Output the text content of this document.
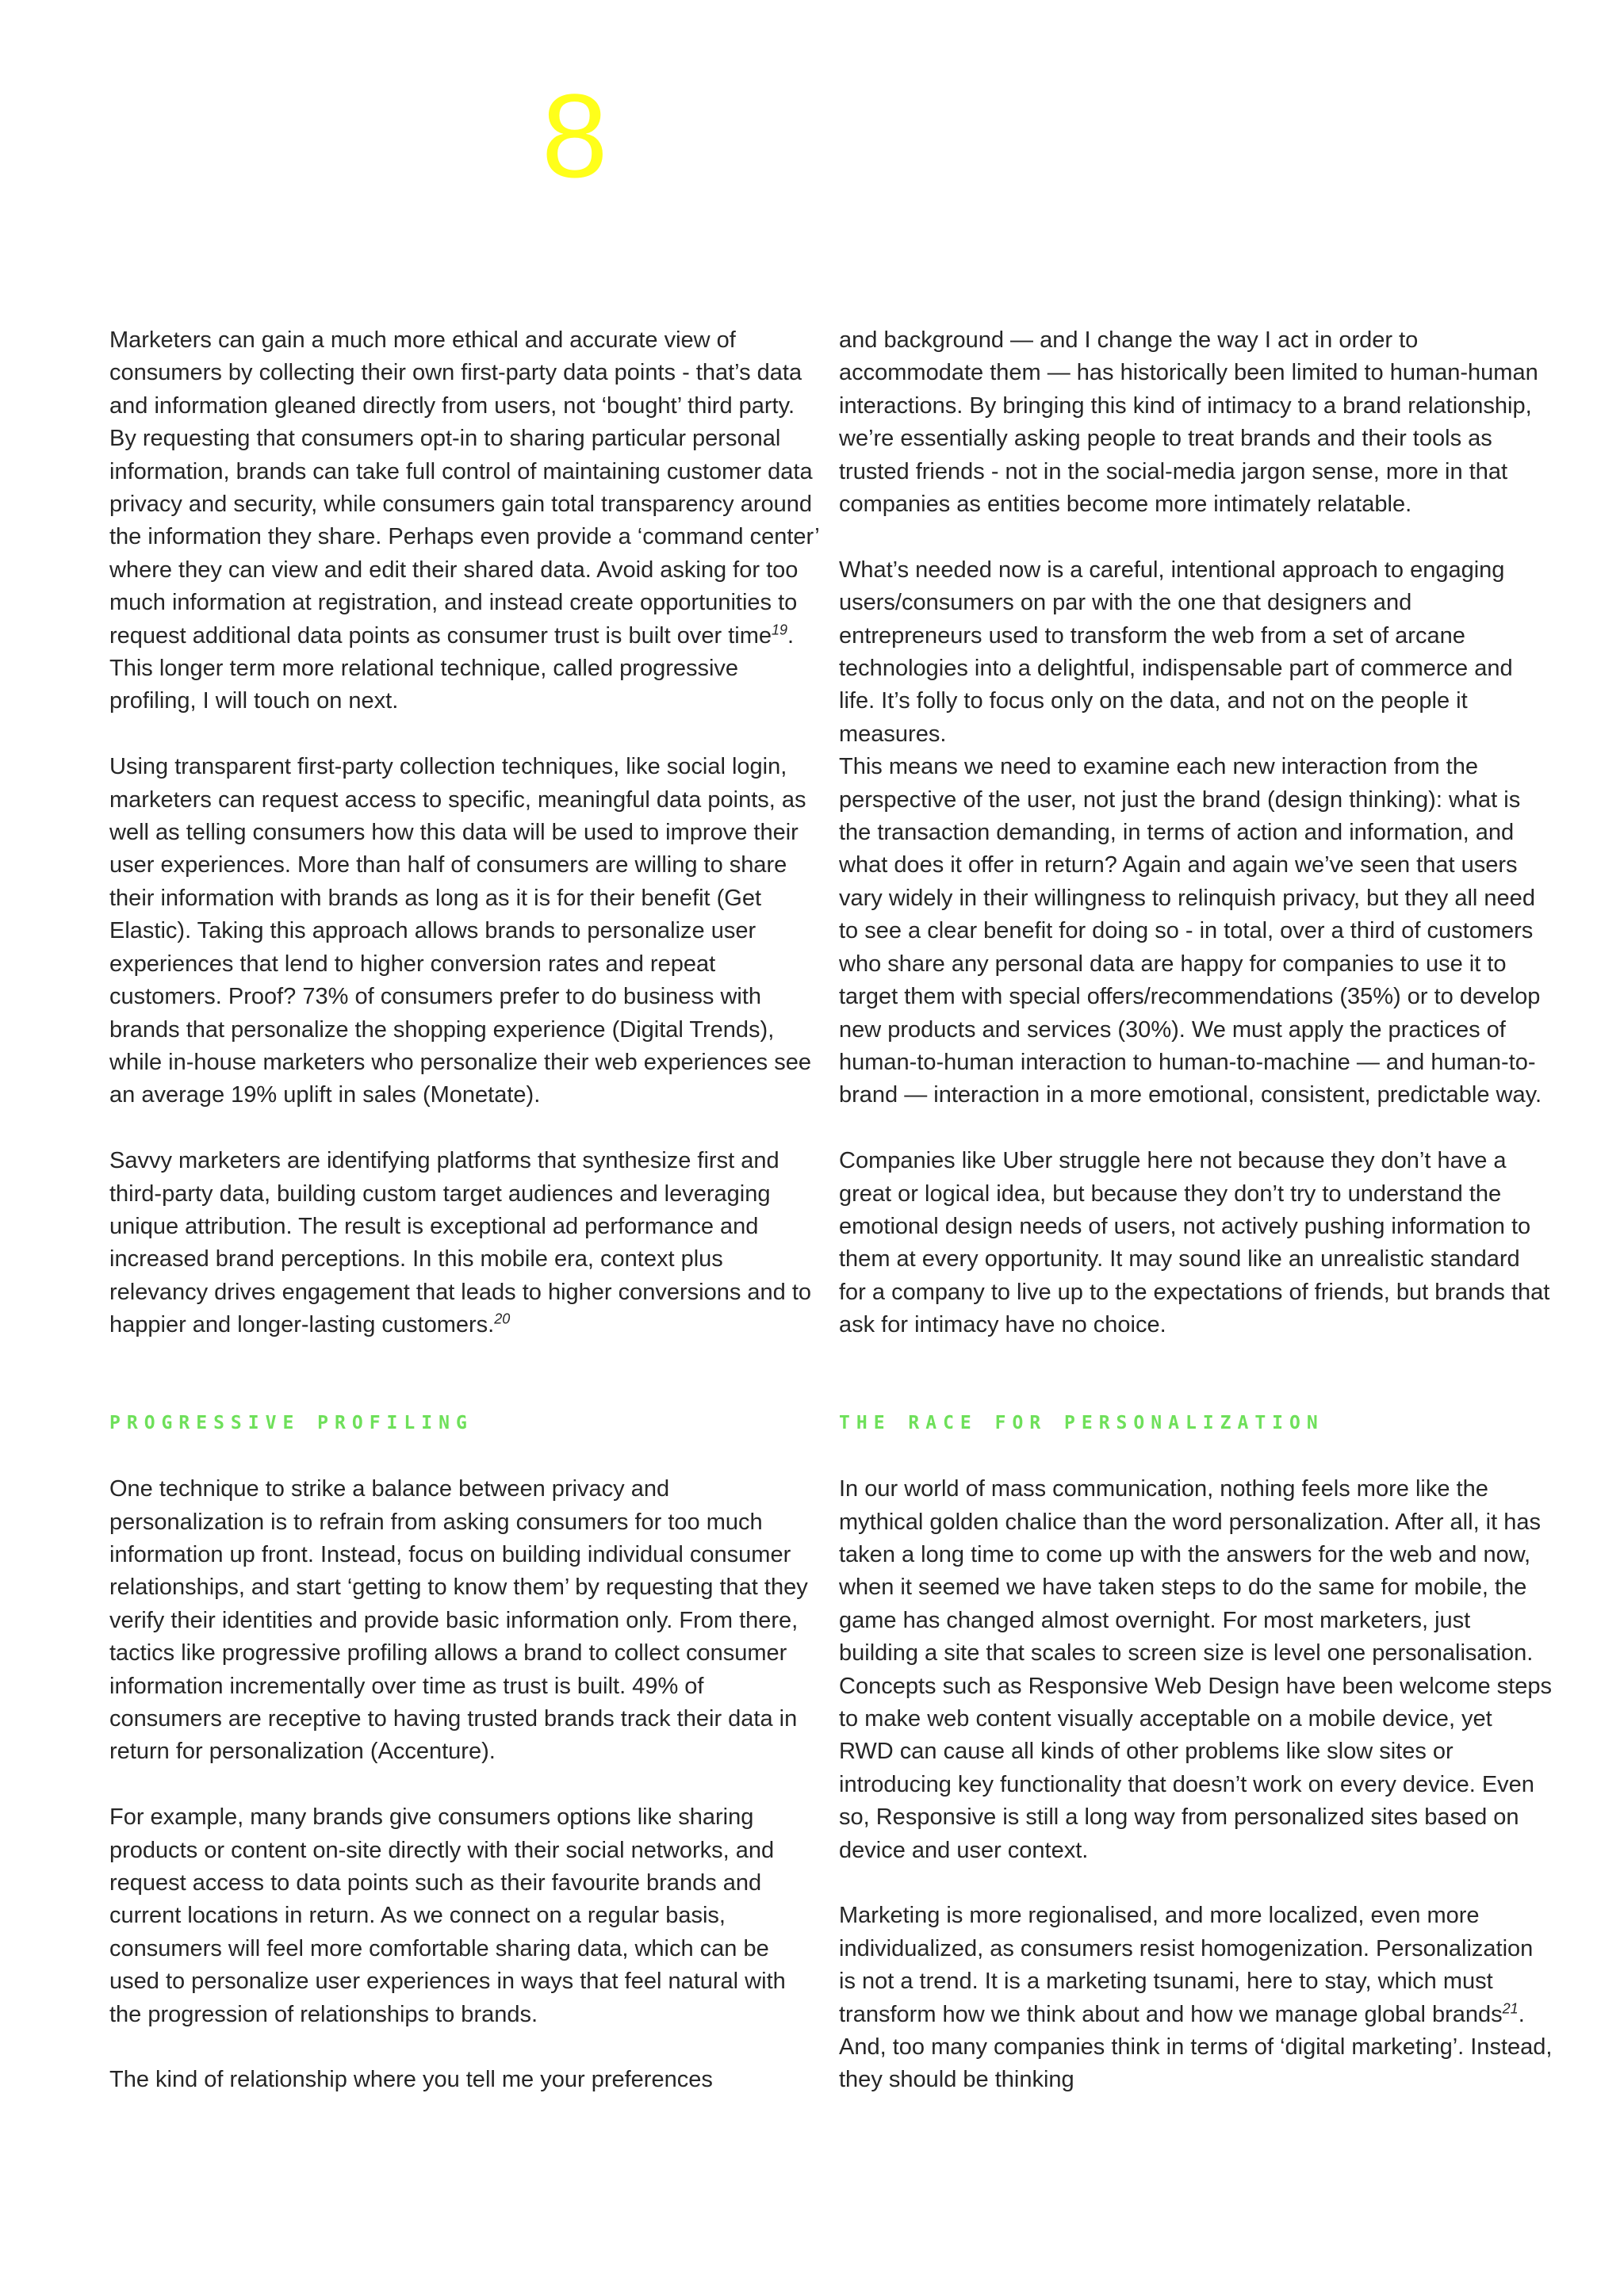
8

Marketers can gain a much more ethical and accurate view of consumers by collecting their own first-party data points - that’s data and information gleaned directly from users, not ‘bought’ third party. By requesting that consumers opt-in to sharing particular personal information, brands can take full control of maintaining customer data privacy and security, while consumers gain total transparency around the information they share. Perhaps even provide a ‘command center’ where they can view and edit their shared data. Avoid asking for too much information at registration, and instead create opportunities to request additional data points as consumer trust is built over time$^{19}$. This longer term more relational technique, called progressive profiling, I will touch on next.

Using transparent first-party collection techniques, like social login, marketers can request access to specific, meaningful data points, as well as telling consumers how this data will be used to improve their user experiences. More than half of consumers are willing to share their information with brands as long as it is for their benefit (Get Elastic). Taking this approach allows brands to personalize user experiences that lend to higher conversion rates and repeat customers. Proof? 73% of consumers prefer to do business with brands that personalize the shopping experience (Digital Trends), while in-house marketers who personalize their web experiences see an average 19% uplift in sales (Monetate).

Savvy marketers are identifying platforms that synthesize first and third-party data, building custom target audiences and leveraging unique attribution. The result is exceptional ad performance and increased brand perceptions. In this mobile era, context plus relevancy drives engagement that leads to higher conversions and to happier and longer-lasting customers.$^{20}$

PROGRESSIVE PROFILING

One technique to strike a balance between privacy and personalization is to refrain from asking consumers for too much information up front. Instead, focus on building individual consumer relationships, and start ‘getting to know them’ by requesting that they verify their identities and provide basic information only. From there, tactics like progressive profiling allows a brand to collect consumer information incrementally over time as trust is built. 49% of consumers are receptive to having trusted brands track their data in return for personalization (Accenture).

For example, many brands give consumers options like sharing products or content on-site directly with their social networks, and request access to data points such as their favourite brands and current locations in return. As we connect on a regular basis, consumers will feel more comfortable sharing data, which can be used to personalize user experiences in ways that feel natural with the progression of relationships to brands.

The kind of relationship where you tell me your preferences

and background — and I change the way I act in order to accommodate them — has historically been limited to human-human interactions. By bringing this kind of intimacy to a brand relationship, we’re essentially asking people to treat brands and their tools as trusted friends - not in the social-media jargon sense, more in that companies as entities become more intimately relatable.

What’s needed now is a careful, intentional approach to engaging users/consumers on par with the one that designers and entrepreneurs used to transform the web from a set of arcane technologies into a delightful, indispensable part of commerce and life. It’s folly to focus only on the data, and not on the people it measures.

This means we need to examine each new interaction from the perspective of the user, not just the brand (design thinking): what is the transaction demanding, in terms of action and information, and what does it offer in return? Again and again we’ve seen that users vary widely in their willingness to relinquish privacy, but they all need to see a clear benefit for doing so - in total, over a third of customers who share any personal data are happy for companies to use it to target them with special offers/recommendations (35%) or to develop new products and services (30%). We must apply the practices of human-to-human interaction to human-to-machine — and human-to-brand — interaction in a more emotional, consistent, predictable way.

Companies like Uber struggle here not because they don’t have a great or logical idea, but because they don’t try to understand the emotional design needs of users, not actively pushing information to them at every opportunity. It may sound like an unrealistic standard for a company to live up to the expectations of friends, but brands that ask for intimacy have no choice.

THE RACE FOR PERSONALIZATION

In our world of mass communication, nothing feels more like the mythical golden chalice than the word personalization. After all, it has taken a long time to come up with the answers for the web and now, when it seemed we have taken steps to do the same for mobile, the game has changed almost overnight. For most marketers, just building a site that scales to screen size is level one personalisation. Concepts such as Responsive Web Design have been welcome steps to make web content visually acceptable on a mobile device, yet RWD can cause all kinds of other problems like slow sites or introducing key functionality that doesn’t work on every device. Even so, Responsive is still a long way from personalized sites based on device and user context.

Marketing is more regionalised, and more localized, even more individualized, as consumers resist homogenization. Personalization is not a trend. It is a marketing tsunami, here to stay, which must transform how we think about and how we manage global brands$^{21}$. And, too many companies think in terms of ‘digital marketing’. Instead, they should be thinking
